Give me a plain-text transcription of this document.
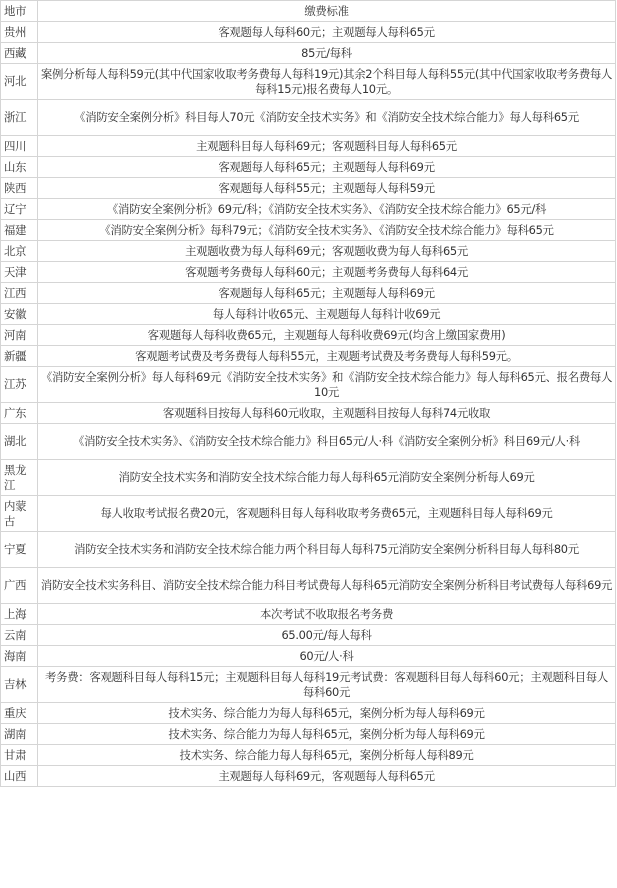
地市	缴费标准
贵州	客观题每人每科60元；主观题每人每科65元
西藏	85元/每科
河北	案例分析每人每科59元(其中代国家收取考务费每人每科19元)其余2个科目每人每科55元(其中代国家收取考务费每人每科15元)报名费每人10元。
浙江	《消防安全案例分析》科目每人70元《消防安全技术实务》和《消防安全技术综合能力》每人每科65元
四川	主观题科目每人每科69元；客观题科目每人每科65元
山东	客观题每人每科65元；主观题每人每科69元
陕西	客观题每人每科55元；主观题每人每科59元
辽宁	《消防安全案例分析》69元/科；《消防安全技术实务》、《消防安全技术综合能力》65元/科
福建	《消防安全案例分析》每科79元；《消防安全技术实务》、《消防安全技术综合能力》每科65元
北京	主观题收费为每人每科69元；客观题收费为每人每科65元
天津	客观题考务费每人每科60元；主观题考务费每人每科64元
江西	客观题每人每科65元；主观题每人每科69元
安徽	每人每科计收65元、主观题每人每科计收69元
河南	客观题每人每科收费65元，主观题每人每科收费69元(均含上缴国家费用)
新疆	客观题考试费及考务费每人每科55元，主观题考试费及考务费每人每科59元。
江苏	《消防安全案例分析》每人每科69元《消防安全技术实务》和《消防安全技术综合能力》每人每科65元、报名费每人10元
广东	客观题科目按每人每科60元收取，主观题科目按每人每科74元收取
湖北	《消防安全技术实务》、《消防安全技术综合能力》科目65元/人·科《消防安全案例分析》科目69元/人·科
黑龙江	消防安全技术实务和消防安全技术综合能力每人每科65元消防安全案例分析每人69元
内蒙古	每人收取考试报名费20元，客观题科目每人每科收取考务费65元，主观题科目每人每科69元
宁夏	消防安全技术实务和消防安全技术综合能力两个科目每人每科75元消防安全案例分析科目每人每科80元
广西	消防安全技术实务科目、消防安全技术综合能力科目考试费每人每科65元消防安全案例分析科目考试费每人每科69元
上海	本次考试不收取报名考务费
云南	65.00元/每人每科
海南	60元/人·科
吉林	考务费：客观题科目每人每科15元；主观题科目每人每科19元考试费：客观题科目每人每科60元；主观题科目每人每科60元
重庆	技术实务、综合能力为每人每科65元，案例分析为每人每科69元
湖南	技术实务、综合能力为每人每科65元，案例分析为每人每科69元
甘肃	技术实务、综合能力每人每科65元，案例分析每人每科89元
山西	主观题每人每科69元，客观题每人每科65元
